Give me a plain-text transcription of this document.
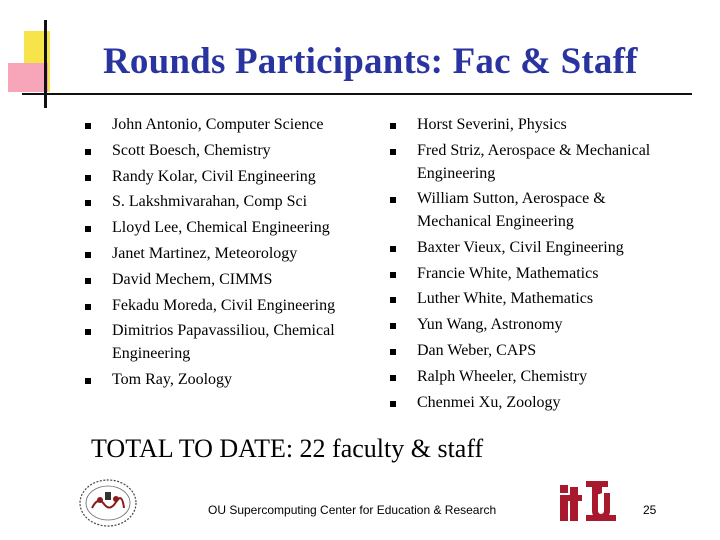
Rounds Participants: Fac & Staff
John Antonio, Computer Science
Scott Boesch, Chemistry
Randy Kolar, Civil Engineering
S. Lakshmivarahan, Comp Sci
Lloyd Lee, Chemical Engineering
Janet Martinez, Meteorology
David Mechem, CIMMS
Fekadu Moreda, Civil Engineering
Dimitrios Papavassiliou, Chemical Engineering
Tom Ray, Zoology
Horst Severini, Physics
Fred Striz, Aerospace & Mechanical Engineering
William Sutton, Aerospace & Mechanical Engineering
Baxter Vieux, Civil Engineering
Francie White, Mathematics
Luther White, Mathematics
Yun Wang, Astronomy
Dan Weber, CAPS
Ralph Wheeler, Chemistry
Chenmei Xu, Zoology
TOTAL TO DATE: 22 faculty & staff
OU Supercomputing Center for Education & Research	25
